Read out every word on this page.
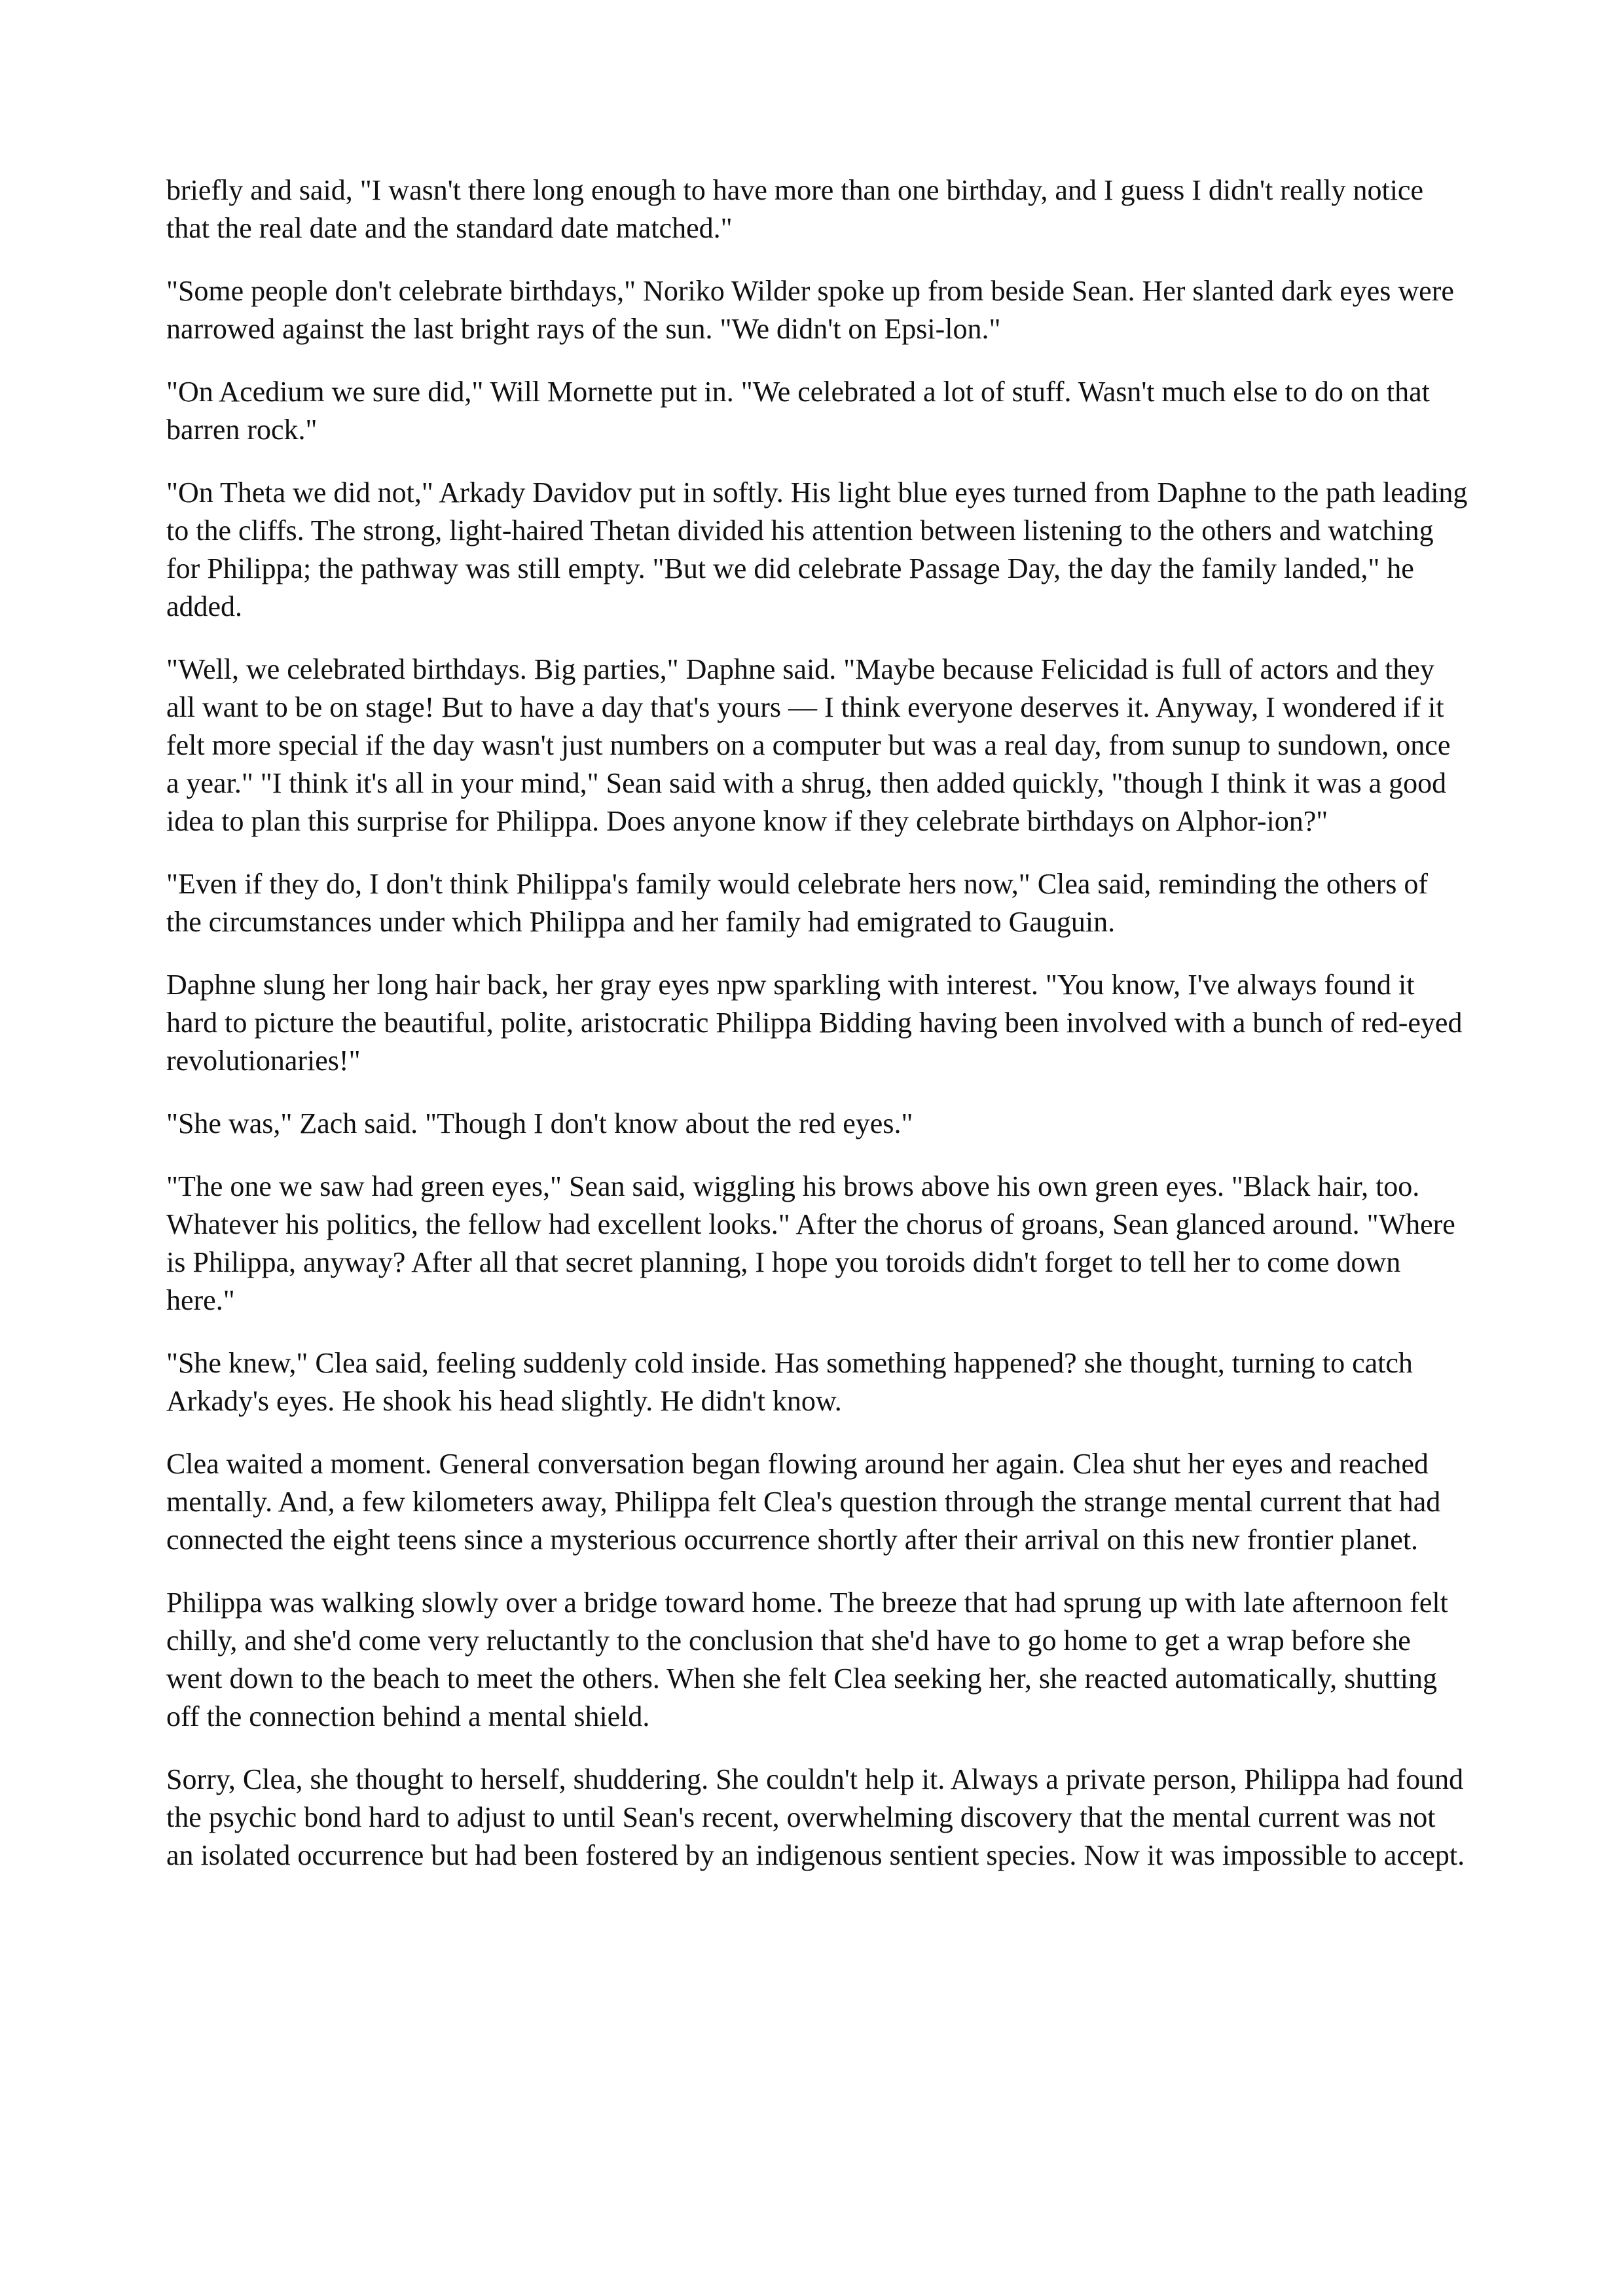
briefly and said, "I wasn't there long enough to have more than one birthday, and I guess I didn't really notice that the real date and the standard date matched."

"Some people don't celebrate birthdays," Noriko Wilder spoke up from beside Sean. Her slanted dark eyes were narrowed against the last bright rays of the sun. "We didn't on Epsi-lon."

"On Acedium we sure did," Will Mornette put in. "We celebrated a lot of stuff. Wasn't much else to do on that barren rock."

"On Theta we did not," Arkady Davidov put in softly. His light blue eyes turned from Daphne to the path leading to the cliffs. The strong, light-haired Thetan divided his attention between listening to the others and watching for Philippa; the pathway was still empty. "But we did celebrate Passage Day, the day the family landed," he added.

"Well, we celebrated birthdays. Big parties," Daphne said. "Maybe because Felicidad is full of actors and they all want to be on stage! But to have a day that's yours — I think everyone deserves it. Anyway, I wondered if it felt more special if the day wasn't just numbers on a computer but was a real day, from sunup to sundown, once a year." "I think it's all in your mind," Sean said with a shrug, then added quickly, "though I think it was a good idea to plan this surprise for Philippa. Does anyone know if they celebrate birthdays on Alphor-ion?"

"Even if they do, I don't think Philippa's family would celebrate hers now," Clea said, reminding the others of the circumstances under which Philippa and her family had emigrated to Gauguin.

Daphne slung her long hair back, her gray eyes npw sparkling with interest. "You know, I've always found it hard to picture the beautiful, polite, aristocratic Philippa Bidding having been involved with a bunch of red-eyed revolutionaries!"

"She was," Zach said. "Though I don't know about the red eyes."

"The one we saw had green eyes," Sean said, wiggling his brows above his own green eyes. "Black hair, too. Whatever his politics, the fellow had excellent looks." After the chorus of groans, Sean glanced around. "Where is Philippa, anyway? After all that secret planning, I hope you toroids didn't forget to tell her to come down here."

"She knew," Clea said, feeling suddenly cold inside. Has something happened? she thought, turning to catch Arkady's eyes. He shook his head slightly. He didn't know.

Clea waited a moment. General conversation began flowing around her again. Clea shut her eyes and reached mentally. And, a few kilometers away, Philippa felt Clea's question through the strange mental current that had connected the eight teens since a mysterious occurrence shortly after their arrival on this new frontier planet.

Philippa was walking slowly over a bridge toward home. The breeze that had sprung up with late afternoon felt chilly, and she'd come very reluctantly to the conclusion that she'd have to go home to get a wrap before she went down to the beach to meet the others. When she felt Clea seeking her, she reacted automatically, shutting off the connection behind a mental shield.

Sorry, Clea, she thought to herself, shuddering. She couldn't help it. Always a private person, Philippa had found the psychic bond hard to adjust to until Sean's recent, overwhelming discovery that the mental current was not an isolated occurrence but had been fostered by an indigenous sentient species. Now it was impossible to accept.
